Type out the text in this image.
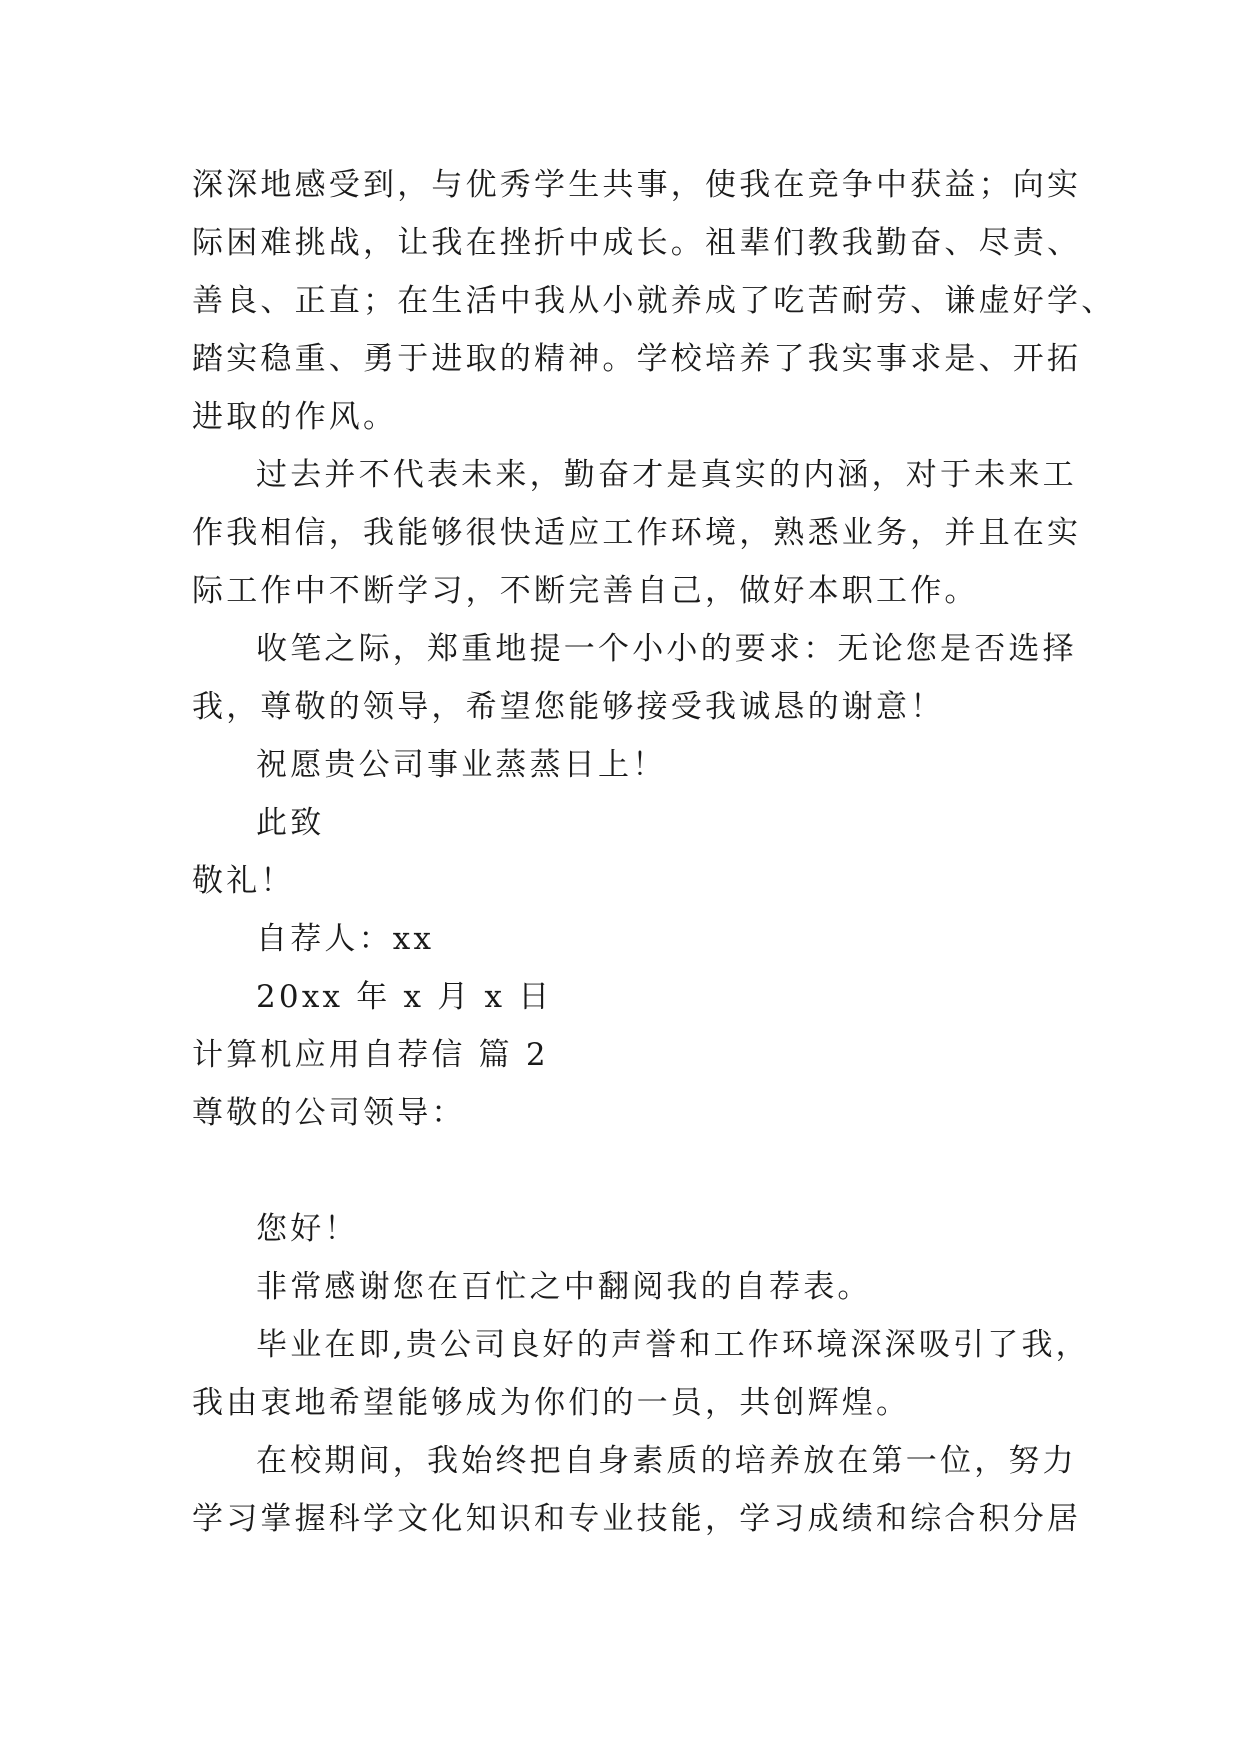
深深地感受到，与优秀学生共事，使我在竞争中获益；向实
际困难挑战，让我在挫折中成长。祖辈们教我勤奋、尽责、
善良、正直；在生活中我从小就养成了吃苦耐劳、谦虚好学、
踏实稳重、勇于进取的精神。学校培养了我实事求是、开拓
进取的作风。
过去并不代表未来，勤奋才是真实的内涵，对于未来工
作我相信，我能够很快适应工作环境，熟悉业务，并且在实
际工作中不断学习，不断完善自己，做好本职工作。
收笔之际，郑重地提一个小小的要求：无论您是否选择
我，尊敬的领导，希望您能够接受我诚恳的谢意！
祝愿贵公司事业蒸蒸日上！
此致
敬礼！
自荐人：xx
20xx 年 x 月 x 日
计算机应用自荐信 篇 2
尊敬的公司领导：
您好！
非常感谢您在百忙之中翻阅我的自荐表。
毕业在即,贵公司良好的声誉和工作环境深深吸引了我，
我由衷地希望能够成为你们的一员，共创辉煌。
在校期间，我始终把自身素质的培养放在第一位，努力
学习掌握科学文化知识和专业技能，学习成绩和综合积分居
